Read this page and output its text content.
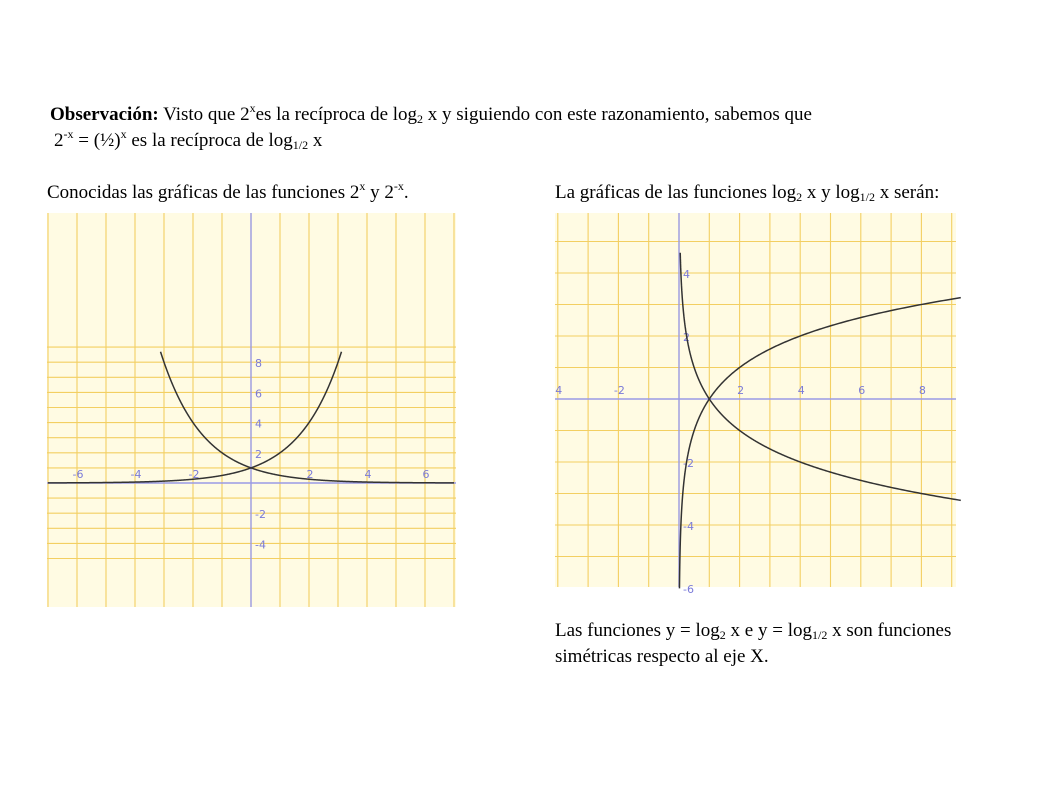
Observación: Visto que 2$^x$es la recíproca de $\log_2 x$ y siguiendo con este razonamiento, sabemos que
$2^{-x}$ = (½)$^x$ es la recíproca de $\log_{1/2} x$
Conocidas las gráficas de las funciones 2$^x$ y $2^{-x}$.	La gráficas de las funciones $\log_2 x$ y $\log_{1/2} x$ serán:
-6	-4	-2	2	4	6
8
6
4
2
-2
-4
4	-2	2	4	6	8
4
2
-2
-4
-6
Las funciones $y = \log_2 x$ e $y = \log_{1/2} x$ son funciones
simétricas respecto al eje X.
